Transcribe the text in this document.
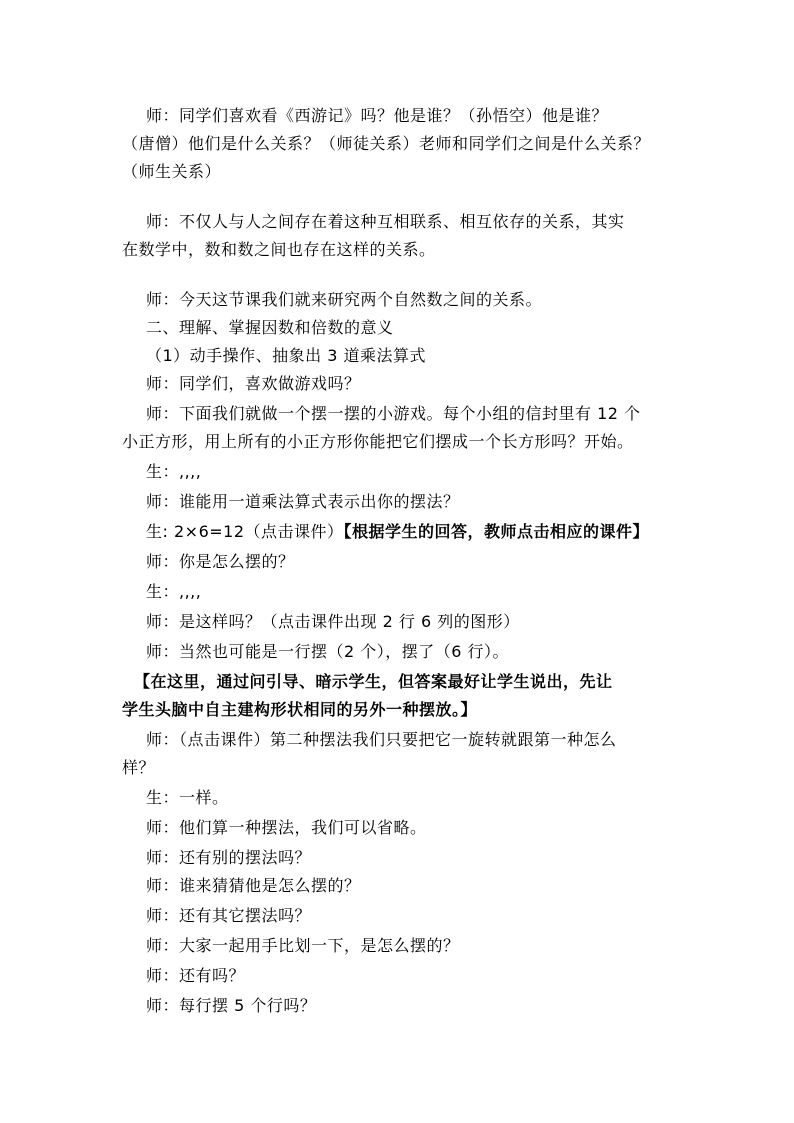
师：同学们喜欢看《西游记》吗？他是谁？（孙悟空）他是谁？

（唐僧）他们是什么关系？（师徒关系）老师和同学们之间是什么关系？

（师生关系）

师：不仅人与人之间存在着这种互相联系、相互依存的关系，其实

在数学中，数和数之间也存在这样的关系。

师：今天这节课我们就来研究两个自然数之间的关系。

二、理解、掌握因数和倍数的意义

（1）动手操作、抽象出 3 道乘法算式

师：同学们，喜欢做游戏吗？

师：下面我们就做一个摆一摆的小游戏。每个小组的信封里有 12 个

小正方形，用上所有的小正方形你能把它们摆成一个长方形吗？开始。

生：,,,,

师：谁能用一道乘法算式表示出你的摆法？

生: 2×6=12（点击课件）【根据学生的回答，教师点击相应的课件】

师：你是怎么摆的？

生：,,,,

师：是这样吗？（点击课件出现 2 行 6 列的图形）

师：当然也可能是一行摆（2 个），摆了（6 行）。

【在这里，通过问引导、暗示学生，但答案最好让学生说出，先让

学生头脑中自主建构形状相同的另外一种摆放。】

师：（点击课件）第二种摆法我们只要把它一旋转就跟第一种怎么

样？

生：一样。

师：他们算一种摆法，我们可以省略。

师：还有别的摆法吗？

师：谁来猜猜他是怎么摆的？

师：还有其它摆法吗？

师：大家一起用手比划一下，是怎么摆的？

师：还有吗？

师：每行摆 5 个行吗？
